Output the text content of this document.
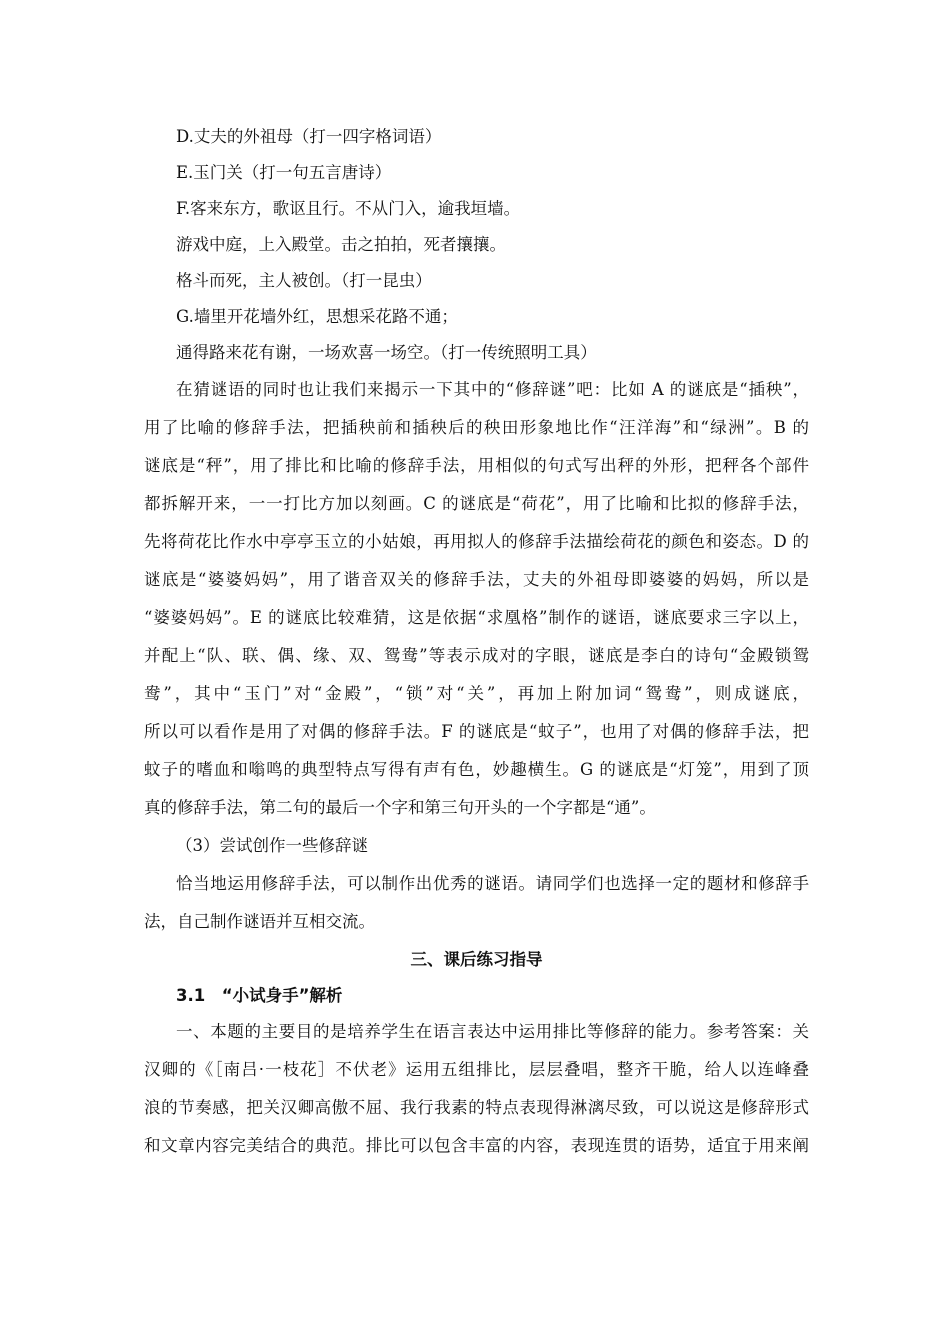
D.丈夫的外祖母（打一四字格词语）
E.玉门关（打一句五言唐诗）
F.客来东方，歌讴且行。不从门入，逾我垣墙。
游戏中庭，上入殿堂。击之拍拍，死者攘攘。
格斗而死，主人被创。（打一昆虫）
G.墙里开花墙外红，思想采花路不通；
通得路来花有谢，一场欢喜一场空。（打一传统照明工具）
在猜谜语的同时也让我们来揭示一下其中的“修辞谜”吧：比如 A 的谜底是“插秧”，
用了比喻的修辞手法，把插秧前和插秧后的秧田形象地比作“汪洋海”和“绿洲”。B 的
谜底是“秤”，用了排比和比喻的修辞手法，用相似的句式写出秤的外形，把秤各个部件
都拆解开来，一一打比方加以刻画。C 的谜底是“荷花”，用了比喻和比拟的修辞手法，
先将荷花比作水中亭亭玉立的小姑娘，再用拟人的修辞手法描绘荷花的颜色和姿态。D 的
谜底是“婆婆妈妈”，用了谐音双关的修辞手法，丈夫的外祖母即婆婆的妈妈，所以是
“婆婆妈妈”。E 的谜底比较难猜，这是依据“求凰格”制作的谜语，谜底要求三字以上，
并配上“队、联、偶、缘、双、鸳鸯”等表示成对的字眼，谜底是李白的诗句“金殿锁鸳
鸯”，其中“玉门”对“金殿”，“锁”对“关”，再加上附加词“鸳鸯”，则成谜底，
所以可以看作是用了对偶的修辞手法。F 的谜底是“蚊子”，也用了对偶的修辞手法，把
蚊子的嗜血和嗡鸣的典型特点写得有声有色，妙趣横生。G 的谜底是“灯笼”，用到了顶
真的修辞手法，第二句的最后一个字和第三句开头的一个字都是“通”。
（3）尝试创作一些修辞谜
恰当地运用修辞手法，可以制作出优秀的谜语。请同学们也选择一定的题材和修辞手
法，自己制作谜语并互相交流。
三、课后练习指导
3.1　“小试身手”解析
一、本题的主要目的是培养学生在语言表达中运用排比等修辞的能力。参考答案：关
汉卿的《［南吕·一枝花］不伏老》运用五组排比，层层叠唱，整齐干脆，给人以连峰叠
浪的节奏感，把关汉卿高傲不屈、我行我素的特点表现得淋漓尽致，可以说这是修辞形式
和文章内容完美结合的典范。排比可以包含丰富的内容，表现连贯的语势，适宜于用来阐
